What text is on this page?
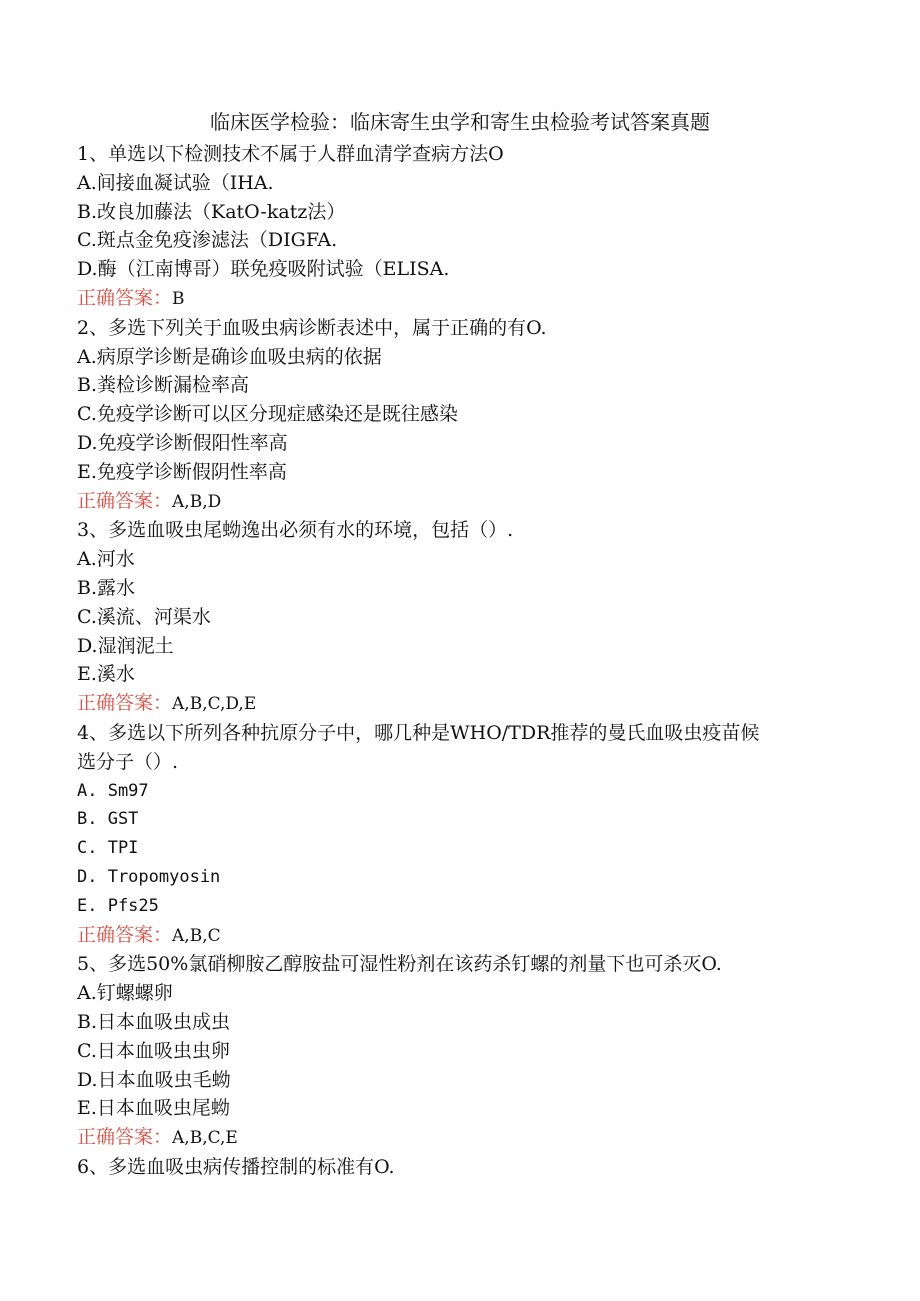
临床医学检验：临床寄生虫学和寄生虫检验考试答案真题
1、单选以下检测技术不属于人群血清学查病方法O
A.间接血凝试验（IHA.
B.改良加藤法（KatO-katz法）
C.斑点金免疫渗滤法（DIGFA.
D.酶（江南博哥）联免疫吸附试验（ELISA.
正确答案：B
2、多选下列关于血吸虫病诊断表述中，属于正确的有O.
A.病原学诊断是确诊血吸虫病的依据
B.粪检诊断漏检率高
C.免疫学诊断可以区分现症感染还是既往感染
D.免疫学诊断假阳性率高
E.免疫学诊断假阴性率高
正确答案：A,B,D
3、多选血吸虫尾蚴逸出必须有水的环境，包括（）.
A.河水
B.露水
C.溪流、河渠水
D.湿润泥土
E.溪水
正确答案：A,B,C,D,E
4、多选以下所列各种抗原分子中，哪几种是WHO/TDR推荐的曼氏血吸虫疫苗候
选分子（）.
A. Sm97
B. GST
C. TPI
D. Tropomyosin
E. Pfs25
正确答案：A,B,C
5、多选50%氯硝柳胺乙醇胺盐可湿性粉剂在该药杀钉螺的剂量下也可杀灭O.
A.钉螺螺卵
B.日本血吸虫成虫
C.日本血吸虫虫卵
D.日本血吸虫毛蚴
E.日本血吸虫尾蚴
正确答案：A,B,C,E
6、多选血吸虫病传播控制的标准有O.
